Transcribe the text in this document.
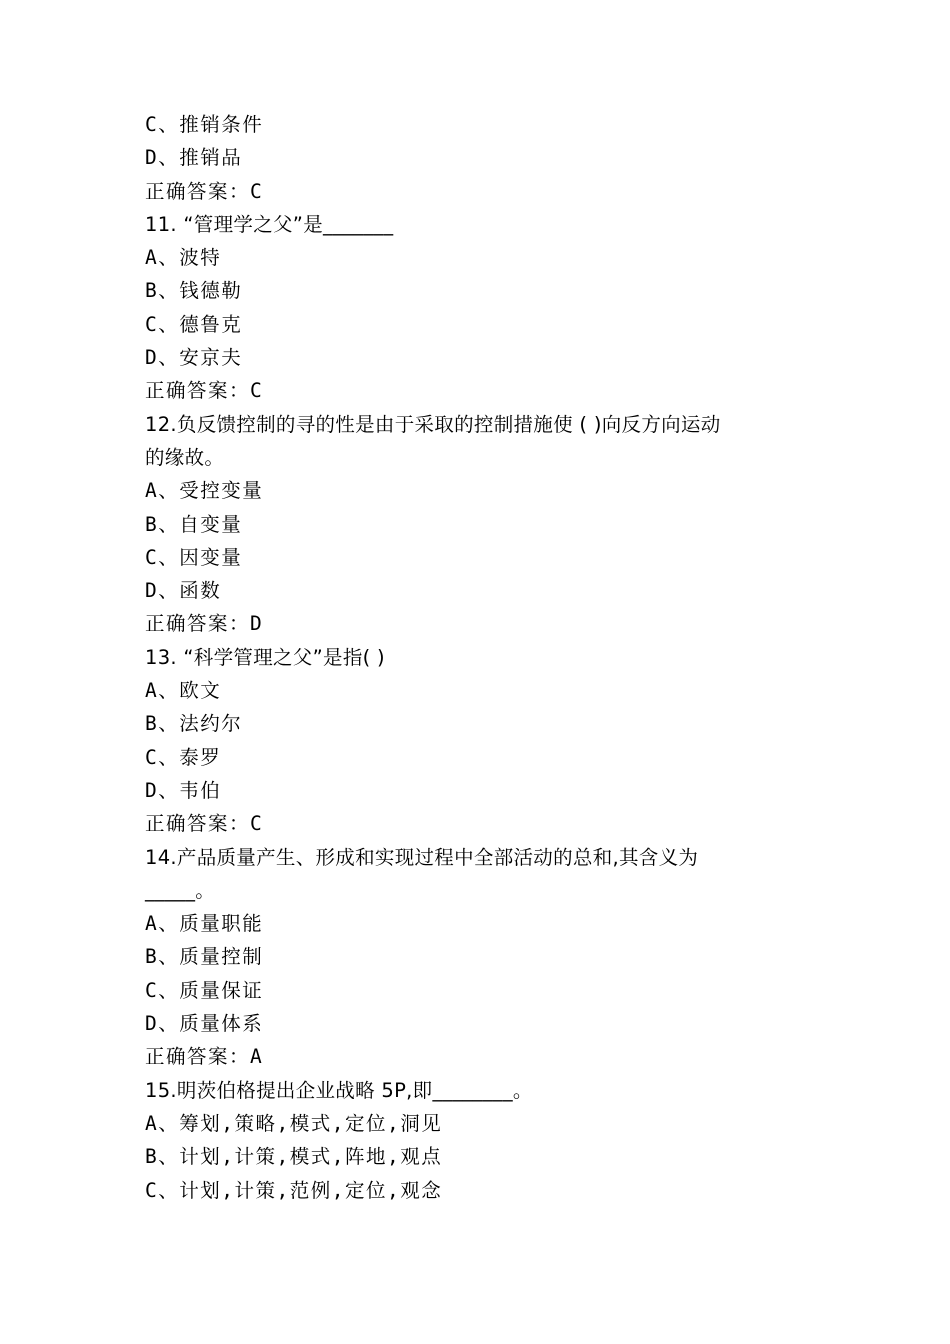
C、推销条件
D、推销品
正确答案：C
11. “管理学之父”是_______
A、波特
B、钱德勒
C、德鲁克
D、安京夫
正确答案：C
12.负反馈控制的寻的性是由于采取的控制措施使 ( )向反方向运动
的缘故。
A、受控变量
B、自变量
C、因变量
D、函数
正确答案：D
13. “科学管理之父”是指( )
A、欧文
B、法约尔
C、泰罗
D、韦伯
正确答案：C
14.产品质量产生、形成和实现过程中全部活动的总和,其含义为
_____。
A、质量职能
B、质量控制
C、质量保证
D、质量体系
正确答案：A
15.明茨伯格提出企业战略 5P,即________。
A、筹划,策略,模式,定位,洞见
B、计划,计策,模式,阵地,观点
C、计划,计策,范例,定位,观念
